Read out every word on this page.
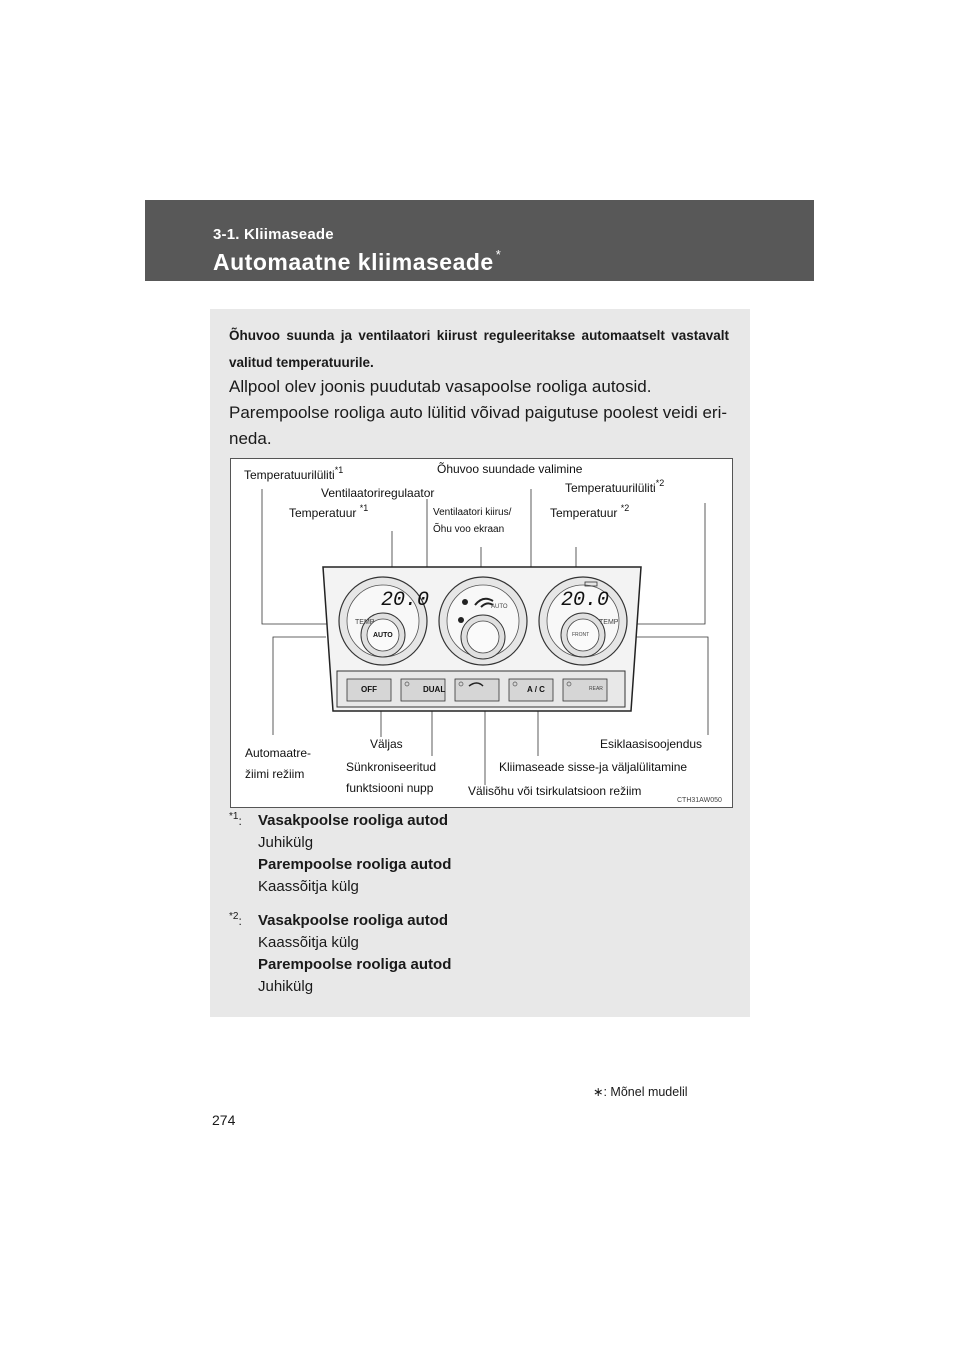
3-1. Kliimaseade
Automaatne kliimaseade *
Õhuvoo suunda ja ventilaatori kiirust reguleeritakse automaatselt vastavalt valitud temperatuurile.
Allpool olev joonis puudutab vasapoolse rooliga autosid. Parempoolse rooliga auto lülitid võivad paigutuse poolest veidi eri-neda.
20.0	20.0
TEMP	TEMP
AUTO
AUTO
FRONT
OFF	DUAL	A / C	REAR
Temperatuurilüliti$^{*1}$	Õhuvoo suundade valimine
Ventilaatoriregulaator	Temperatuurilüliti$^{*2}$
Temperatuur $^{*1}$	Ventilaatori kiirus/
Õhu voo ekraan
Temperatuur $^{*2}$
Väljas	Esiklaasisoojendus
Automaatre-
žiimi režiim	Sünkroniseeritud
funktsiooni nupp
Kliimaseade sisse-ja väljalülitamine
Välisõhu või tsirkulatsioon režiim
CTH31AW050
$^{*1}$: Vasakpoolse rooliga autod
Juhikülg
Parempoolse rooliga autod
Kaassõitja külg
$^{*2}$: Vasakpoolse rooliga autod
Kaassõitja külg
Parempoolse rooliga autod
Juhikülg
∗: Mõnel mudelil
274
